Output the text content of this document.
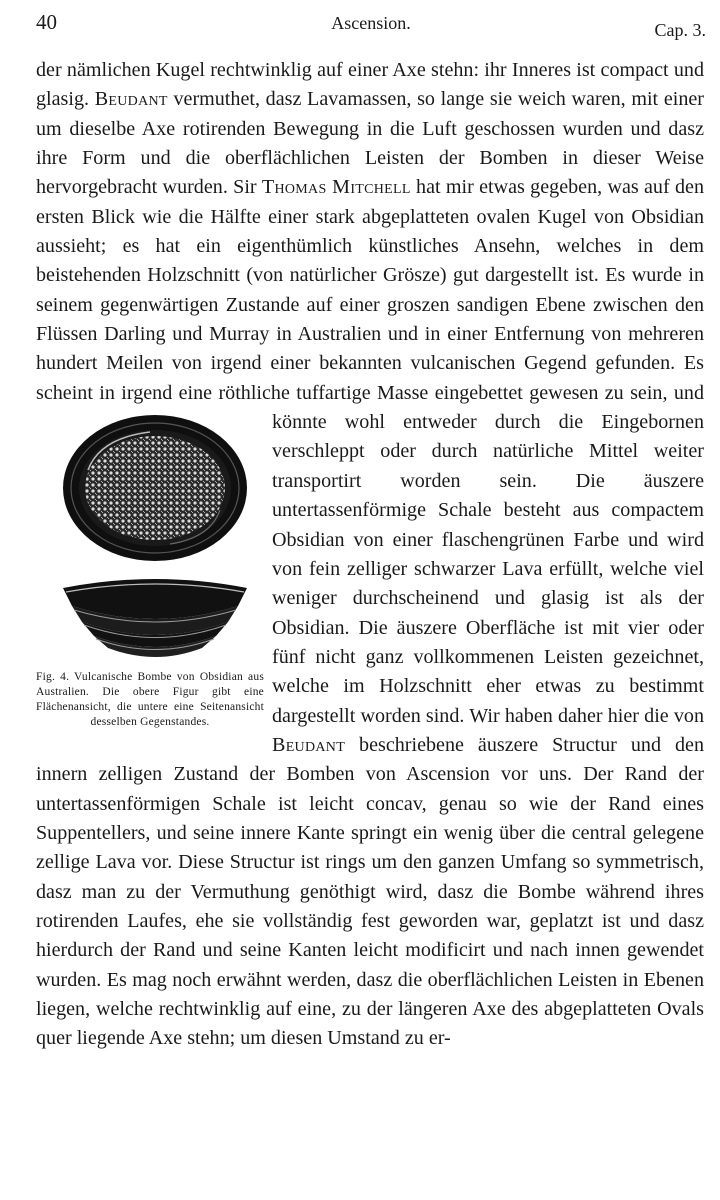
40	Ascension.	Cap. 3.

der nämlichen Kugel rechtwinklig auf einer Axe stehn: ihr Inneres ist compact und glasig. Beudant vermuthet, dasz Lavamassen, so lange sie weich waren, mit einer um dieselbe Axe rotirenden Bewegung in die Luft geschossen wurden und dasz ihre Form und die oberflächlichen Leisten der Bomben in dieser Weise hervorgebracht wurden. Sir Thomas Mitchell hat mir etwas gegeben, was auf den ersten Blick wie die Hälfte einer stark abgeplatteten ovalen Kugel von Obsidian aussieht; es hat ein eigenthümlich künstliches Ansehn, welches in dem beistehenden Holzschnitt (von natürlicher Grösze) gut dargestellt ist. Es wurde in seinem gegenwärtigen Zustande auf einer groszen sandigen Ebene zwischen den Flüssen Darling und Murray in Australien und in einer Entfernung von mehreren hundert Meilen von irgend einer bekannten vulcanischen Gegend gefunden. Es scheint in irgend eine röthliche tuffartige Masse eingebettet gewesen zu sein, und
Fig. 4. Vulcanische Bombe von Obsidian aus Australien. Die obere Figur gibt eine Flächenansicht, die untere eine Seitenansicht desselben Gegenstandes.
könnte wohl entweder durch die Eingebornen verschleppt oder durch natürliche Mittel weiter transportirt worden sein. Die äuszere untertassenförmige Schale besteht aus compactem Obsidian von einer flaschengrünen Farbe und wird von fein zelliger schwarzer Lava erfüllt, welche viel weniger durchscheinend und glasig ist als der Obsidian. Die äuszere Oberfläche ist mit vier oder fünf nicht ganz vollkommenen Leisten gezeichnet, welche im Holzschnitt eher etwas zu bestimmt dargestellt worden sind. Wir haben daher hier die von Beudant beschriebene äuszere Structur und den innern zelligen Zustand der Bomben von Ascension vor uns. Der Rand der untertassenförmigen Schale ist leicht concav, genau so wie der Rand eines Suppentellers, und seine innere Kante springt ein wenig über die central gelegene zellige Lava vor. Diese Structur ist rings um den ganzen Umfang so symmetrisch, dasz man zu der Vermuthung genöthigt wird, dasz die Bombe während ihres rotirenden Laufes, ehe sie vollständig fest geworden war, geplatzt ist und dasz hierdurch der Rand und seine Kanten leicht modificirt und nach innen gewendet wurden. Es mag noch erwähnt werden, dasz die oberflächlichen Leisten in Ebenen liegen, welche rechtwinklig auf eine, zu der längeren Axe des abgeplatteten Ovals quer liegende Axe stehn; um diesen Umstand zu er-
